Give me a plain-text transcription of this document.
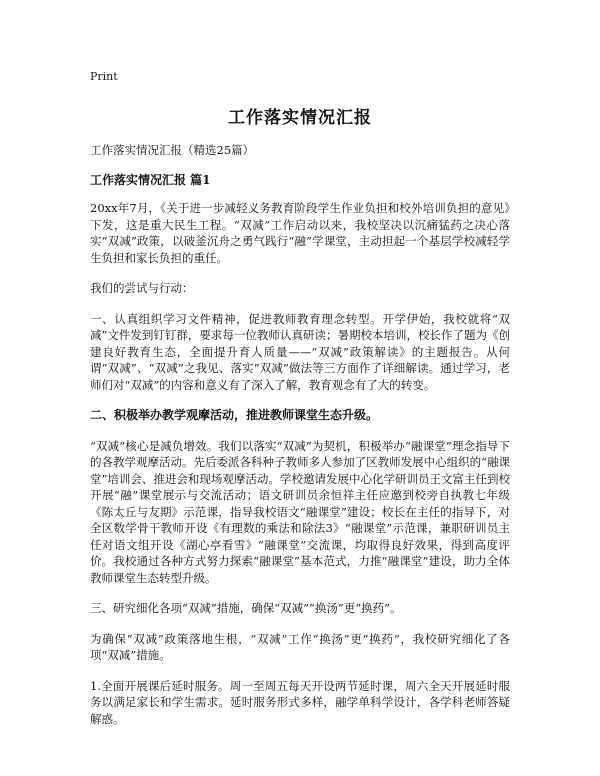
Print
工作落实情况汇报
工作落实情况汇报（精选25篇）
工作落实情况汇报 篇1

20xx年7月，《关于进一步减轻义务教育阶段学生作业负担和校外培训负担的意见》下发，这是重大民生工程。“双减”工作启动以来，我校坚决以沉痛猛药之决心落实“双减”政策，以破釜沉舟之勇气践行“融”学课堂，主动担起一个基层学校减轻学生负担和家长负担的重任。

我们的尝试与行动：

一、认真组织学习文件精神，促进教师教育理念转型。开学伊始，我校就将“双减”文件发到钉钉群，要求每一位教师认真研读；暑期校本培训，校长作了题为《创建良好教育生态，全面提升育人质量——“双减”政策解读》的主题报告。从何谓“双减”、“双减”之我见、落实“双减”做法等三方面作了详细解读。通过学习，老师们对“双减”的内容和意义有了深入了解，教育观念有了大的转变。

二、积极举办教学观摩活动，推进教师课堂生态升级。

“双减”核心是减负增效。我们以落实“双减”为契机，积极举办“融课堂”理念指导下的各教学观摩活动。先后委派各科种子教师多人参加了区教师发展中心组织的“融课堂”培训会、推进会和现场观摩活动。学校邀请发展中心化学研训员王文富主任到校开展“融”课堂展示与交流活动；语文研训员余恒祥主任应邀到校旁自执教七年级《陈太丘与友期》示范课，指导我校语文“融课堂”建设；校长在主任的指导下，对全区数学骨干教师开设《有理数的乘法和除法3》“融课堂”示范课，兼职研训员主任对语文组开设《湖心亭看雪》“融课堂”交流课，均取得良好效果，得到高度评价。我校通过各种方式努力探索“融课堂”基本范式，力推“融课堂”建设，助力全体教师课堂生态转型升级。

三、研究细化各项“双减”措施，确保“双减”“换汤”更“换药”。

为确保“双减”政策落地生根，“双减”工作“换汤”更“换药”，我校研究细化了各项“双减”措施。

1.全面开展课后延时服务。周一至周五每天开设两节延时课，周六全天开展延时服务以满足家长和学生需求。延时服务形式多样，融学单科学设计，各学科老师答疑解惑。
